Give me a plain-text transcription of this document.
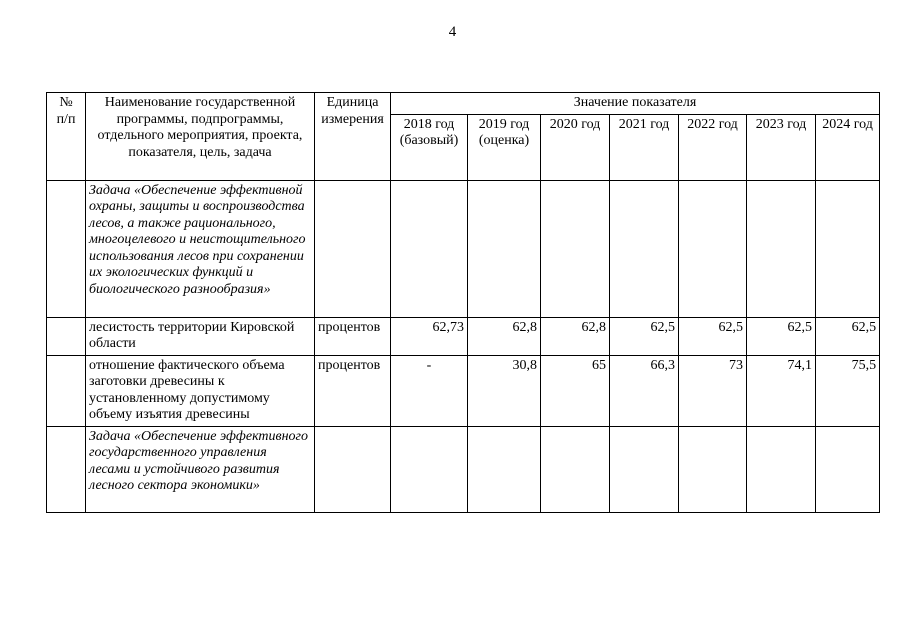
4
№
п/п	Наименование государственной программы, подпрограммы, отдельного мероприятия, проекта, показателя, цель, задача	Единица измерения	Значение показателя						
			2018 год (базовый)	2019 год (оценка)	2020 год	2021 год	2022 год	2023 год	2024 год
	Задача «Обеспечение эффективной охраны, защиты и воспроизводства лесов, а также рационального, многоцелевого и неистощительного использования лесов при сохранении их экологических функций и биологического разнообразия»								
	лесистость территории Кировской области	процентов	62,73	62,8	62,8	62,5	62,5	62,5	62,5
	отношение фактического объема заготовки древесины к установленному допустимому объему изъятия древесины	процентов	-	30,8	65	66,3	73	74,1	75,5
	Задача «Обеспечение эффективного государственного управления лесами и устойчивого развития лесного сектора экономики»								
